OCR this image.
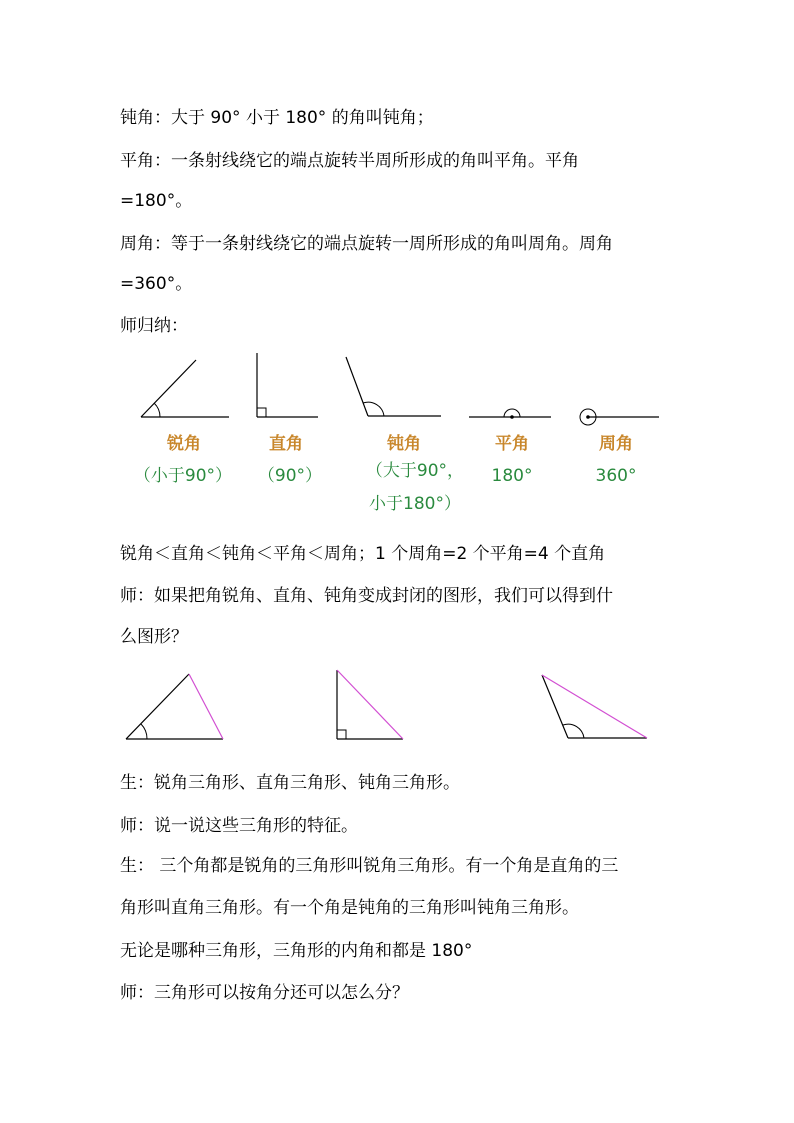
钝角：大于 90° 小于 180° 的角叫钝角；
平角：一条射线绕它的端点旋转半周所形成的角叫平角。平角
=180°。
周角：等于一条射线绕它的端点旋转一周所形成的角叫周角。周角
=360°。
师归纳：
锐角
（小于90°）
直角
（90°）
钝角
（大于90°，
小于180°）
平角
180°
周角
360°
锐角＜直角＜钝角＜平角＜周角；1 个周角=2 个平角=4 个直角
师：如果把角锐角、直角、钝角变成封闭的图形，我们可以得到什
么图形？
生：锐角三角形、直角三角形、钝角三角形。
师：说一说这些三角形的特征。
生： 三个角都是锐角的三角形叫锐角三角形。有一个角是直角的三
角形叫直角三角形。有一个角是钝角的三角形叫钝角三角形。
无论是哪种三角形，三角形的内角和都是 180°
师：三角形可以按角分还可以怎么分？
